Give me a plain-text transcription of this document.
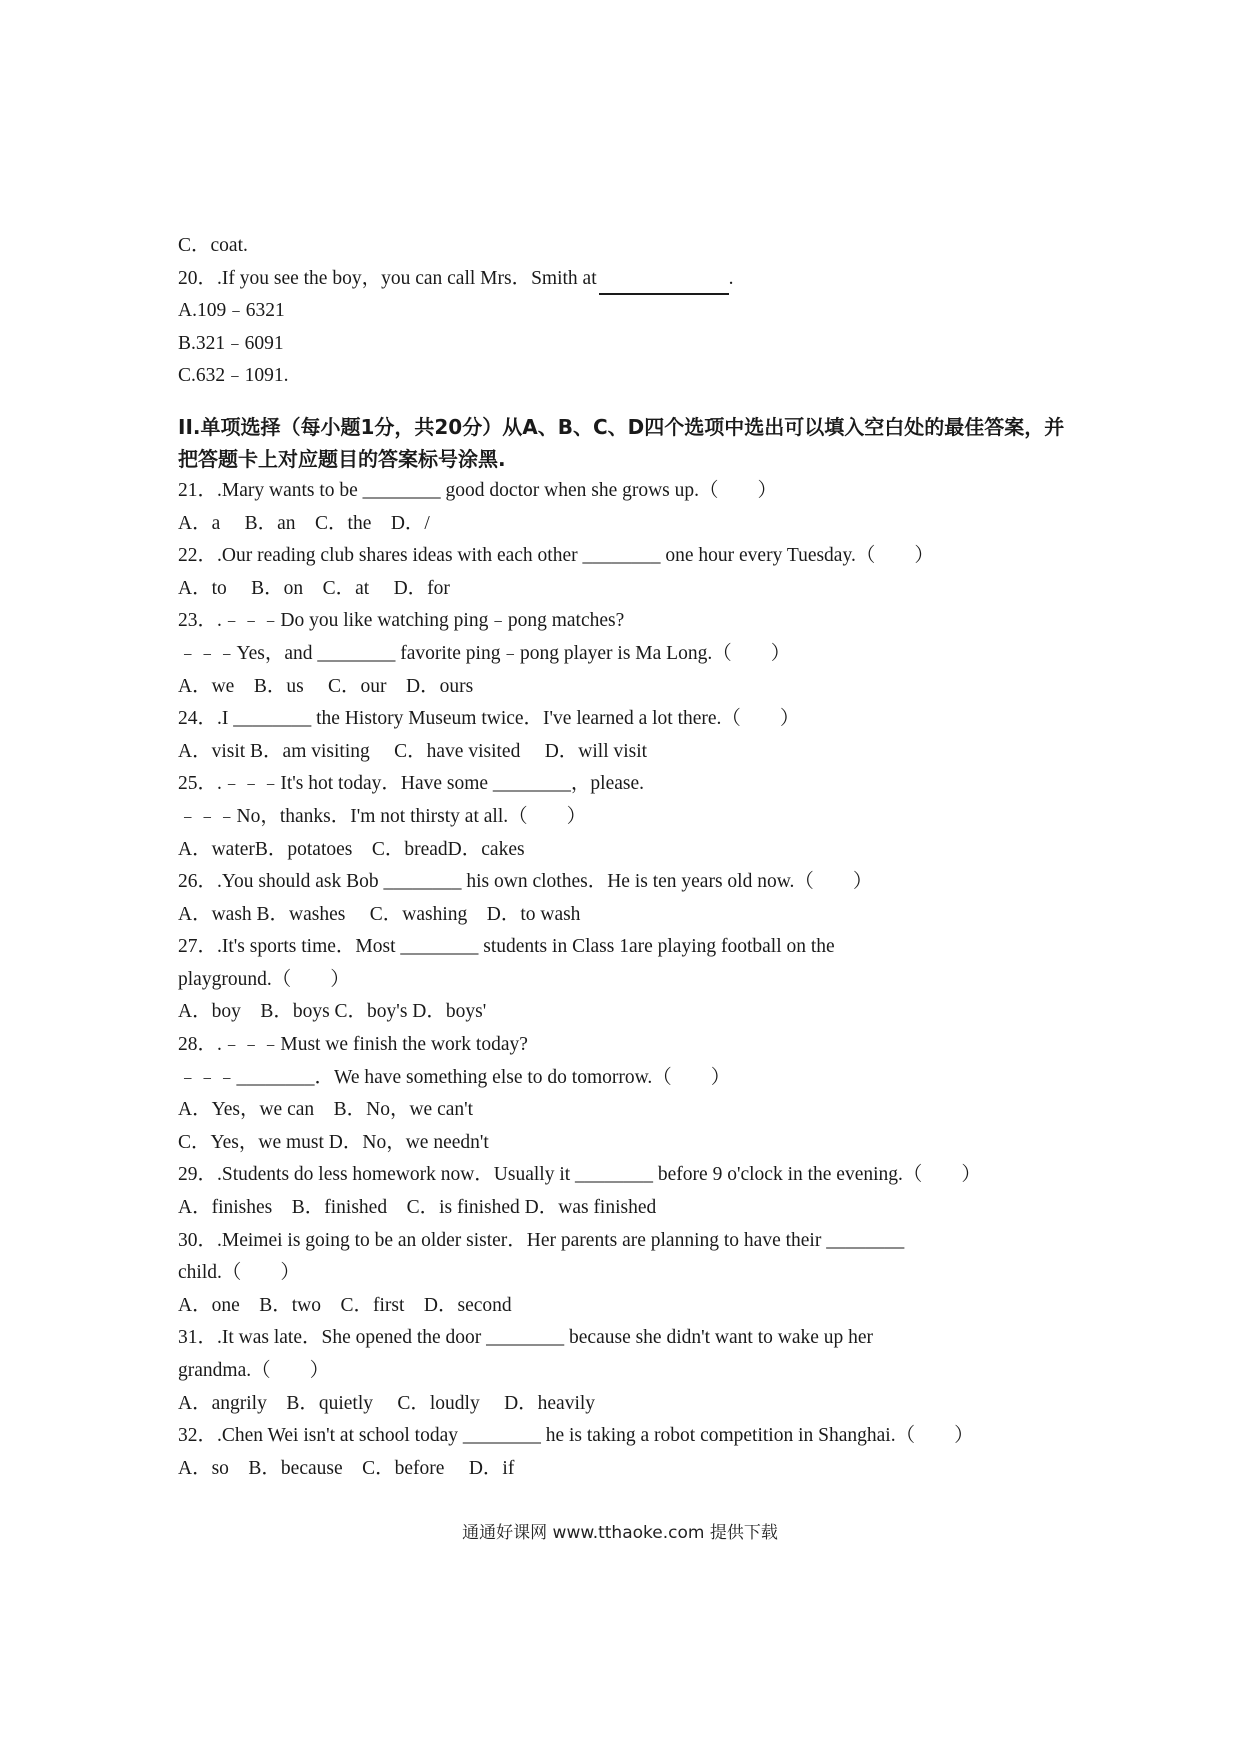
C．coat.
20．.If you see the boy，you can call Mrs．Smith at	.
A.109﹣6321
B.321﹣6091
C.632﹣1091.
II.单项选择（每小题1分，共20分）从A、B、C、D四个选项中选出可以填入空白处的最佳答案，并把答题卡上对应题目的答案标号涂黑.
21．.Mary wants to be ________ good doctor when she grows up.（　　）
A．a　 B．an　C．the　D．/
22．.Our reading club shares ideas with each other ________ one hour every Tuesday.（　　）
A．to　 B．on　C．at　 D．for
23．.﹣﹣﹣Do you like watching ping﹣pong matches?
﹣﹣﹣Yes，and ________ favorite ping﹣pong player is Ma Long.（　　）
A．we　B．us　 C．our　D．ours
24．.I ________ the History Museum twice．I've learned a lot there.（　　）
A．visit B．am visiting　 C．have visited　 D．will visit
25．.﹣﹣﹣It's hot today．Have some ________，please.
﹣﹣﹣No，thanks．I'm not thirsty at all.（　　）
A．waterB．potatoes　C．breadD．cakes
26．.You should ask Bob ________ his own clothes．He is ten years old now.（　　）
A．wash B．washes　 C．washing　D．to wash
27．.It's sports time．Most ________ students in Class 1are playing football on the
playground.（　　）
A．boy　B．boys C．boy's D．boys'
28．.﹣﹣﹣Must we finish the work today?
﹣﹣﹣________．We have something else to do tomorrow.（　　）
A．Yes，we can　B．No，we can't
C．Yes，we must D．No，we needn't
29．.Students do less homework now．Usually it ________ before 9 o'clock in the evening.（　　）
A．finishes　B．finished　C．is finished D．was finished
30．.Meimei is going to be an older sister．Her parents are planning to have their ________
child.（　　）
A．one　B．two　C．first　D．second
31．.It was late．She opened the door ________ because she didn't want to wake up her
grandma.（　　）
A．angrily　B．quietly　 C．loudly　 D．heavily
32．.Chen Wei isn't at school today ________ he is taking a robot competition in Shanghai.（　　）
A．so　B．because　C．before　 D．if
通通好课网 www.tthaoke.com 提供下载
